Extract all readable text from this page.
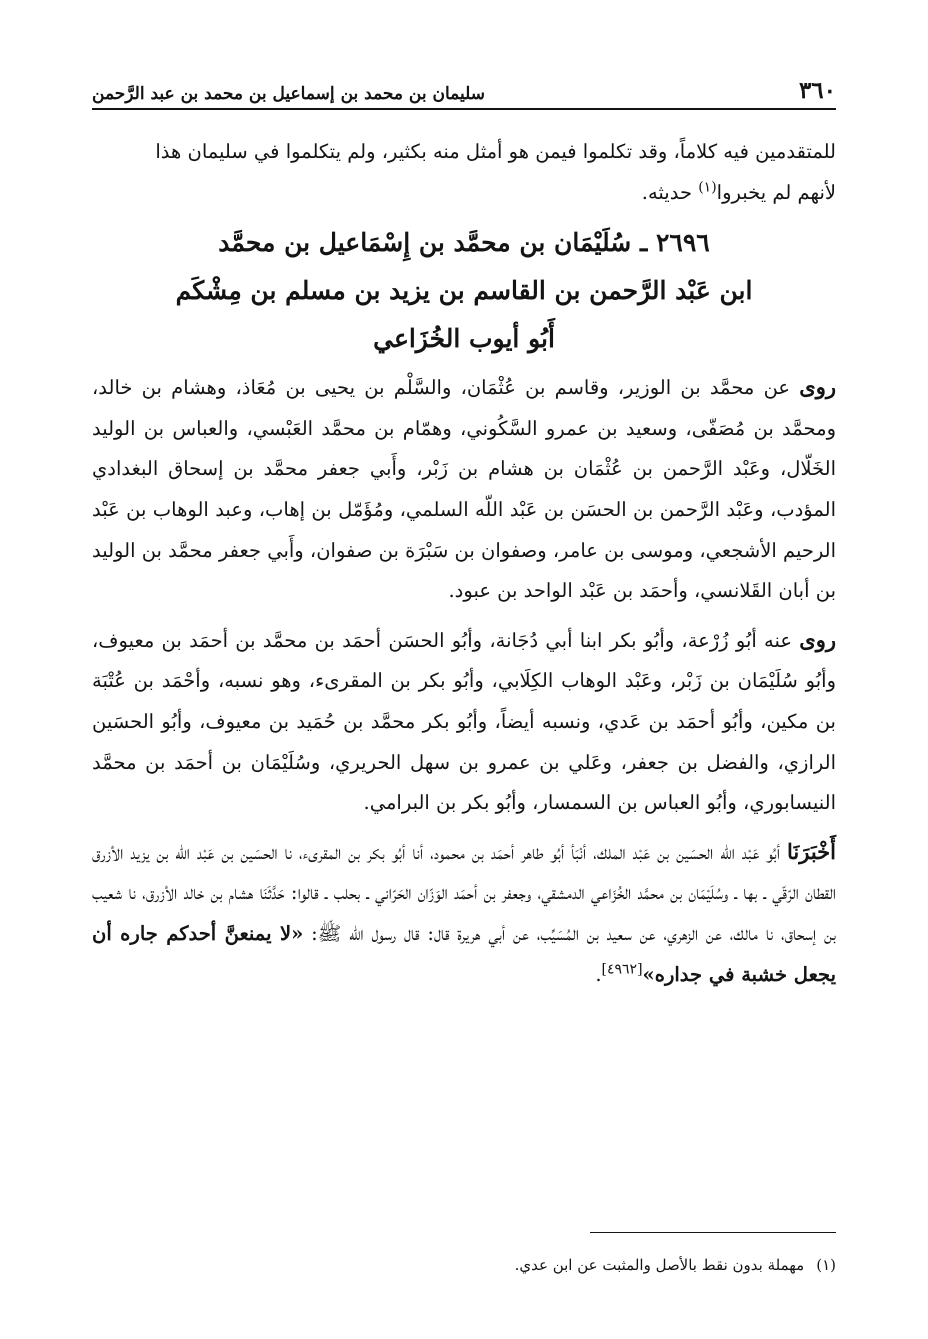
٣٦٠
سليمان بن محمد بن إسماعيل بن محمد بن عبد الرَّحمن

للمتقدمين فيه كلاماً، وقد تكلموا فيمن هو أمثل منه بكثير، ولم يتكلموا في سليمان هذا
لأنهم لم يخبروا$^{(١)}$ حديثه.

٢٦٩٦ ـ سُلَيْمَان بن محمَّد بن إِسْمَاعيل بن محمَّد
ابن عَبْد الرَّحمن بن القاسم بن يزيد بن مسلم بن مِشْكَم
أَبُو أيوب الخُزَاعي

روى عن محمَّد بن الوزير، وقاسم بن عُثْمَان، والسَّلْم بن يحيى بن مُعَاذ، وهشام بن خالد، ومحمَّد بن مُصَفّى، وسعيد بن عمرو السَّكُوني، وهمّام بن محمَّد العَبْسي، والعباس بن الوليد الخَلّال، وعَبْد الرَّحمن بن عُثْمَان بن هشام بن زَبْر، وأَبي جعفر محمَّد بن إسحاق البغدادي المؤدب، وعَبْد الرَّحمن بن الحسَن بن عَبْد اللّه السلمي، ومُؤَمّل بن إهاب، وعبد الوهاب بن عَبْد الرحيم الأشجعي، وموسى بن عامر، وصفوان بن سَبْرَة بن صفوان، وأَبي جعفر محمَّد بن الوليد بن أبان القَلانسي، وأحمَد بن عَبْد الواحد بن عبود.

روى عنه أبُو زُرْعة، وأبُو بكر ابنا أبي دُجَانة، وأبُو الحسَن أحمَد بن محمَّد بن أحمَد بن معيوف، وأبُو سُلَيْمَان بن زَبْر، وعَبْد الوهاب الكِلَابي، وأبُو بكر بن المقرىء، وهو نسبه، وأحْمَد بن عُتْبَة بن مكين، وأبُو أحمَد بن عَدي، ونسبه أيضاً، وأبُو بكر محمَّد بن حُمَيد بن معيوف، وأبُو الحسَين الرازي، والفضل بن جعفر، وعَلي بن عمرو بن سهل الحريري، وسُلَيْمَان بن أحمَد بن محمَّد النيسابوري، وأبُو العباس بن السمسار، وأبُو بكر بن البرامي.

أَخْبَرَنَا أبُو عَبْد اللّه الحسَين بن عَبْد الملك، أنْبَأ أبُو طاهر أحمَد بن محمود، أنا أبُو بكر بن المقرىء، نا الحسَين بن عَبْد اللّه بن يزيد الأزرق القطان الرّقّي ـ بها ـ وسُلَيْمَان بن محمَّد الخُزَاعي الدمشقي، وجعفر بن أحمَد الوَزّان الحَرّاني ـ بحلب ـ قالوا: حَدَّثَنَا هشام بن خالد الأزرق، نا شعيب بن إسحاق، نا مالك، عن الزهري، عن سعيد بن المُسَيِّب، عن أبي هريرة قال: قال رسول اللّه ﷺ: «لا يمنعنَّ أحدكم جاره أن يجعل خشبة في جداره»[٤٩٦٢].

(١)مهملة بدون نقط بالأصل والمثبت عن ابن عدي.
